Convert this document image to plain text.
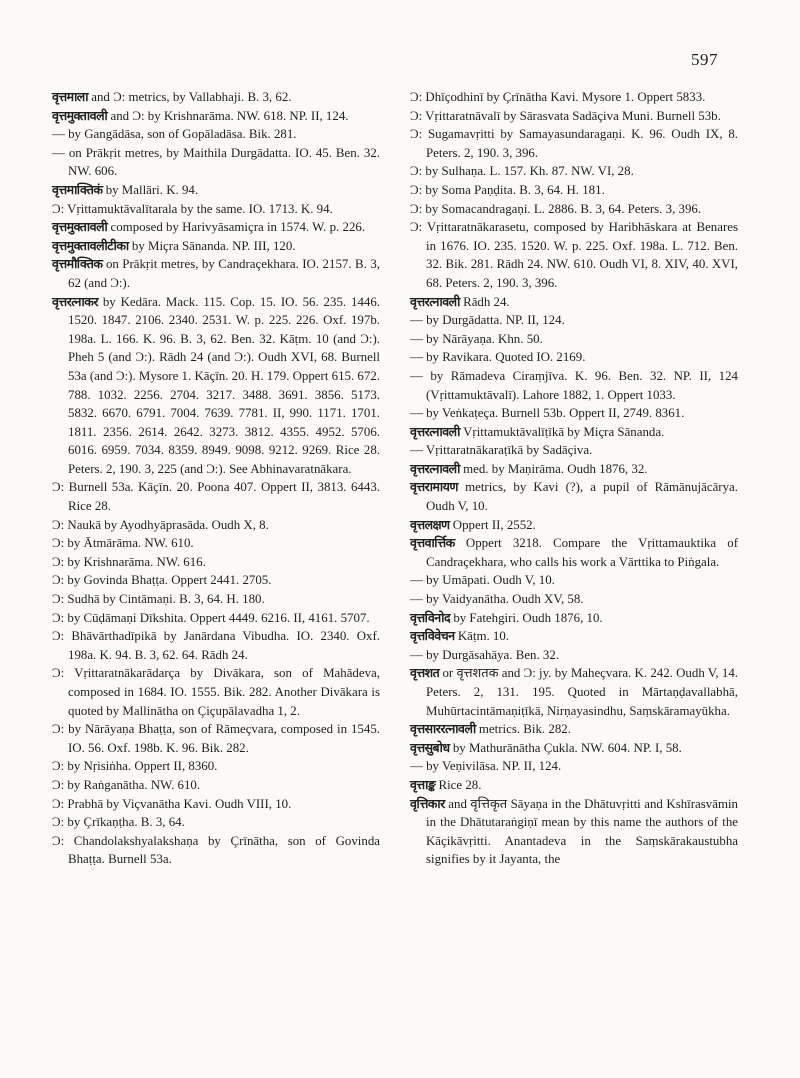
597

वृत्तमाला and Ɔ: metrics, by Vallabhaji. B. 3, 62.

वृत्तमुक्तावली and Ɔ: by Krishnarāma. NW. 618. NP. II, 124.

— by Gangādāsa, son of Gopāladāsa. Bik. 281.

— on Prākṛit metres, by Maithila Durgādatta. IO. 45. Ben. 32. NW. 606.

वृत्तमाक्तिकं by Mallāri. K. 94.

Ɔ: Vṛittamuktāvalītarala by the same. IO. 1713. K. 94.

वृत्तमुक्तावली composed by Harivyāsamiçra in 1574. W. p. 226.

वृत्तमुक्तावलीटीका by Miçra Sānanda. NP. III, 120.

वृत्तमौक्तिक on Prākṛit metres, by Candraçekhara. IO. 2157. B. 3, 62 (and Ɔ:).

वृत्तरत्नाकर by Kedāra. Mack. 115. Cop. 15. IO. 56. 235. 1446. 1520. 1847. 2106. 2340. 2531. W. p. 225. 226. Oxf. 197b. 198a. L. 166. K. 96. B. 3, 62. Ben. 32. Kāṭm. 10 (and Ɔ:). Pheh 5 (and Ɔ:). Rādh 24 (and Ɔ:). Oudh XVI, 68. Burnell 53a (and Ɔ:). Mysore 1. Kāçīn. 20. H. 179. Oppert 615. 672. 788. 1032. 2256. 2704. 3217. 3488. 3691. 3856. 5173. 5832. 6670. 6791. 7004. 7639. 7781. II, 990. 1171. 1701. 1811. 2356. 2614. 2642. 3273. 3812. 4355. 4952. 5706. 6016. 6959. 7034. 8359. 8949. 9098. 9212. 9269. Rice 28. Peters. 2, 190. 3, 225 (and Ɔ:). See Abhinavaratnākara.

Ɔ: Burnell 53a. Kāçīn. 20. Poona 407. Oppert II, 3813. 6443. Rice 28.

Ɔ: Naukā by Ayodhyāprasāda. Oudh X, 8.

Ɔ: by Ātmārāma. NW. 610.

Ɔ: by Krishnarāma. NW. 616.

Ɔ: by Govinda Bhaṭṭa. Oppert 2441. 2705.

Ɔ: Sudhā by Cintāmaṇi. B. 3, 64. H. 180.

Ɔ: by Cūḍāmaṇi Dīkshita. Oppert 4449. 6216. II, 4161. 5707.

Ɔ: Bhāvārthadīpikā by Janārdana Vibudha. IO. 2340. Oxf. 198a. K. 94. B. 3, 62. 64. Rādh 24.

Ɔ: Vṛittaratnākarādarça by Divākara, son of Mahādeva, composed in 1684. IO. 1555. Bik. 282. Another Divākara is quoted by Mallinātha on Çiçupālavadha 1, 2.

Ɔ: by Nārāyaṇa Bhaṭṭa, son of Rāmeçvara, composed in 1545. IO. 56. Oxf. 198b. K. 96. Bik. 282.

Ɔ: by Nṛisiṅha. Oppert II, 8360.

Ɔ: by Raṅganātha. NW. 610.

Ɔ: Prabhā by Viçvanātha Kavi. Oudh VIII, 10.

Ɔ: by Çrīkaṇṭha. B. 3, 64.

Ɔ: Chandolakshyalakshaṇa by Çrīnātha, son of Govinda Bhaṭṭa. Burnell 53a.

Ɔ: Dhīçodhinī by Çrīnātha Kavi. Mysore 1. Oppert 5833.

Ɔ: Vṛittaratnāvalī by Sārasvata Sadāçiva Muni. Burnell 53b.

Ɔ: Sugamavṛitti by Samayasundaragaṇi. K. 96. Oudh IX, 8. Peters. 2, 190. 3, 396.

Ɔ: by Sulhaṇa. L. 157. Kh. 87. NW. VI, 28.

Ɔ: by Soma Paṇḍita. B. 3, 64. H. 181.

Ɔ: by Somacandragaṇi. L. 2886. B. 3, 64. Peters. 3, 396.

Ɔ: Vṛittaratnākarasetu, composed by Haribhāskara at Benares in 1676. IO. 235. 1520. W. p. 225. Oxf. 198a. L. 712. Ben. 32. Bik. 281. Rādh 24. NW. 610. Oudh VI, 8. XIV, 40. XVI, 68. Peters. 2, 190. 3, 396.

वृत्तरत्नावली Rādh 24.

— by Durgādatta. NP. II, 124.

— by Nārāyaṇa. Khn. 50.

— by Ravikara. Quoted IO. 2169.

— by Rāmadeva Ciraṃjīva. K. 96. Ben. 32. NP. II, 124 (Vṛittamuktāvalī). Lahore 1882, 1. Oppert 1033.

— by Veṅkaṭeça. Burnell 53b. Oppert II, 2749. 8361.

वृत्तरत्नावली Vṛittamuktāvalīṭīkā by Miçra Sānanda.

— Vṛittaratnākaraṭīkā by Sadāçiva.

वृत्तरत्नावली med. by Maṇirāma. Oudh 1876, 32.

वृत्तरामायण metrics, by Kavi (?), a pupil of Rāmānujācārya. Oudh V, 10.

वृत्तलक्षण Oppert II, 2552.

वृत्तवार्त्तिक Oppert 3218. Compare the Vṛittamauktika of Candraçekhara, who calls his work a Vārttika to Piṅgala.

— by Umāpati. Oudh V, 10.

— by Vaidyanātha. Oudh XV, 58.

वृत्तविनोद by Fatehgiri. Oudh 1876, 10.

वृत्तविवेचन Kāṭm. 10.

— by Durgāsahāya. Ben. 32.

वृत्तशत or वृत्तशतक and Ɔ: jy. by Maheçvara. K. 242. Oudh V, 14. Peters. 2, 131. 195. Quoted in Mārtaṇḍavallabhā, Muhūrtacintāmaṇiṭīkā, Nirṇayasindhu, Saṃskāramayūkha.

वृत्तसाररत्नावली metrics. Bik. 282.

वृत्तसुबोध by Mathurānātha Çukla. NW. 604. NP. I, 58.

— by Veṇivilāsa. NP. II, 124.

वृत्ताङ्क Rice 28.

वृत्तिकार and वृत्तिकृत Sāyaṇa in the Dhātuvṛitti and Kshīrasvāmin in the Dhātutaraṅgiṇī mean by this name the authors of the Kāçikāvṛitti. Anantadeva in the Saṃskārakaustubha signifies by it Jayanta, the
